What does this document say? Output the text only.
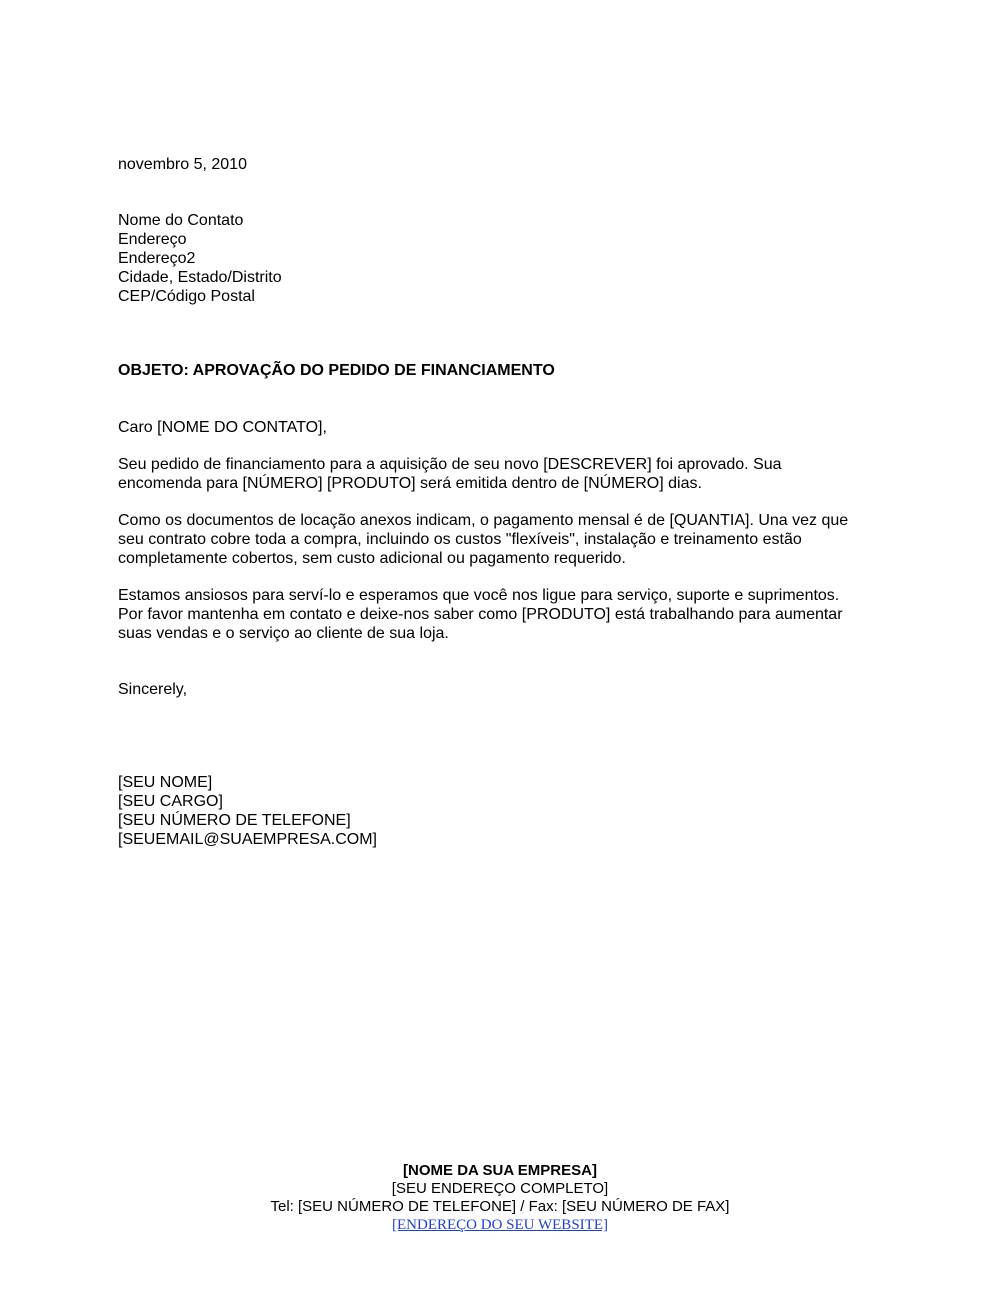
novembro 5, 2010
Nome do Contato
Endereço
Endereço2
Cidade, Estado/Distrito
CEP/Código Postal
OBJETO: APROVAÇÃO DO PEDIDO DE FINANCIAMENTO
Caro [NOME DO CONTATO],
Seu pedido de financiamento para a aquisição de seu novo [DESCREVER] foi aprovado. Sua
encomenda para [NÚMERO] [PRODUTO] será emitida dentro de [NÚMERO] dias.
Como os documentos de locação anexos indicam, o pagamento mensal é de [QUANTIA]. Una vez que
seu contrato cobre toda a compra, incluindo os custos "flexíveis", instalação e treinamento estão
completamente cobertos, sem custo adicional ou pagamento requerido.
Estamos ansiosos para serví-lo e esperamos que você nos ligue para serviço, suporte e suprimentos.
Por favor mantenha em contato e deixe-nos saber como [PRODUTO] está trabalhando para aumentar
suas vendas e o serviço ao cliente de sua loja.
Sincerely,
[SEU NOME]
[SEU CARGO]
[SEU NÚMERO DE TELEFONE]
[SEUEMAIL@SUAEMPRESA.COM]
[NOME DA SUA EMPRESA]
[SEU ENDEREÇO COMPLETO]
Tel: [SEU NÚMERO DE TELEFONE] / Fax: [SEU NÚMERO DE FAX]
[ENDEREÇO DO SEU WEBSITE]
